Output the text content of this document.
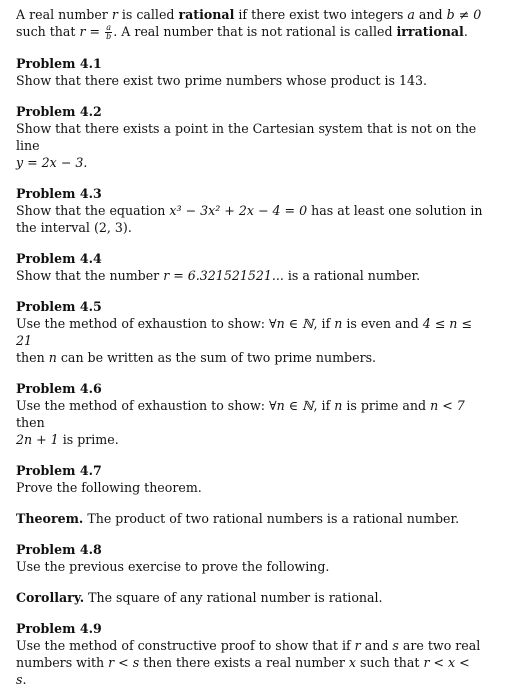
A real number r is called rational if there exist two integers a and b ≠ 0
such that $r = \frac{a}{b}$ . A real number that is not rational is called irrational.

Problem 4.1

Show that there exist two prime numbers whose product is 143.

Problem 4.2

Show that there exists a point in the Cartesian system that is not on the line
y = 2x − 3.

Problem 4.3

Show that the equation x³ − 3x² + 2x − 4 = 0 has at least one solution in
the interval (2, 3).

Problem 4.4

Show that the number r = 6.321521521... is a rational number.

Problem 4.5

Use the method of exhaustion to show: ∀n ∈ ℕ, if n is even and 4 ≤ n ≤ 21
then n can be written as the sum of two prime numbers.

Problem 4.6

Use the method of exhaustion to show: ∀n ∈ ℕ, if n is prime and n < 7 then
2n + 1 is prime.

Problem 4.7

Prove the following theorem.

Theorem. The product of two rational numbers is a rational number.

Problem 4.8

Use the previous exercise to prove the following.

Corollary. The square of any rational number is rational.

Problem 4.9

Use the method of constructive proof to show that if r and s are two real
numbers with r < s then there exists a real number x such that r < x < s.
